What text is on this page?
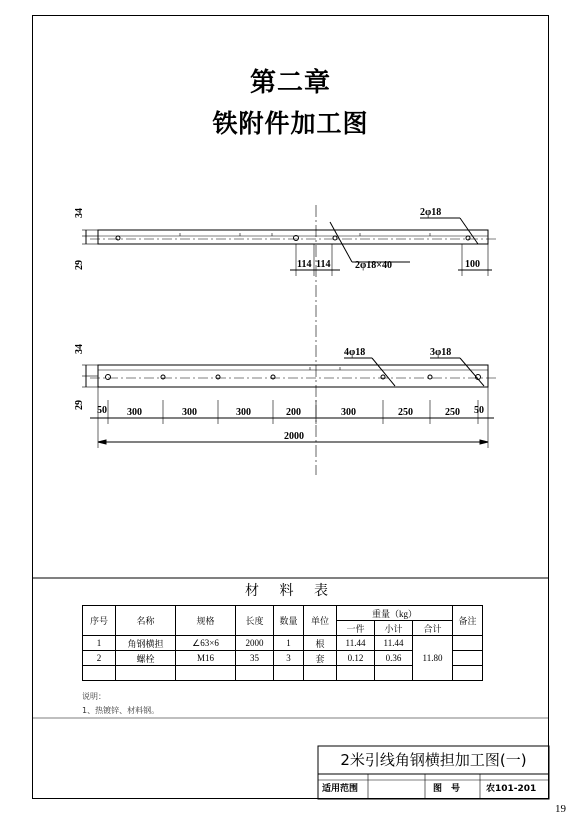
第二章
铁附件加工图
34
29
2φ18
2φ18×40
114 114	100
34
29
4φ18	3φ18
50 300	300	300	200	300	250	250 50
2000
材 料 表
序号	名称	规格	长度	数量	单位	重量（kg）			备注
						一件	小计	合计	
1	角钢横担	∠63×6	2000	1	根	11.44	11.44	11.80	
2	螺栓	M16	35	3	套	0.12	0.36		

说明：
1、热镀锌、材料钢。
2米引线角钢横担加工图(一)
适用范围	图　号	农101-201
19
